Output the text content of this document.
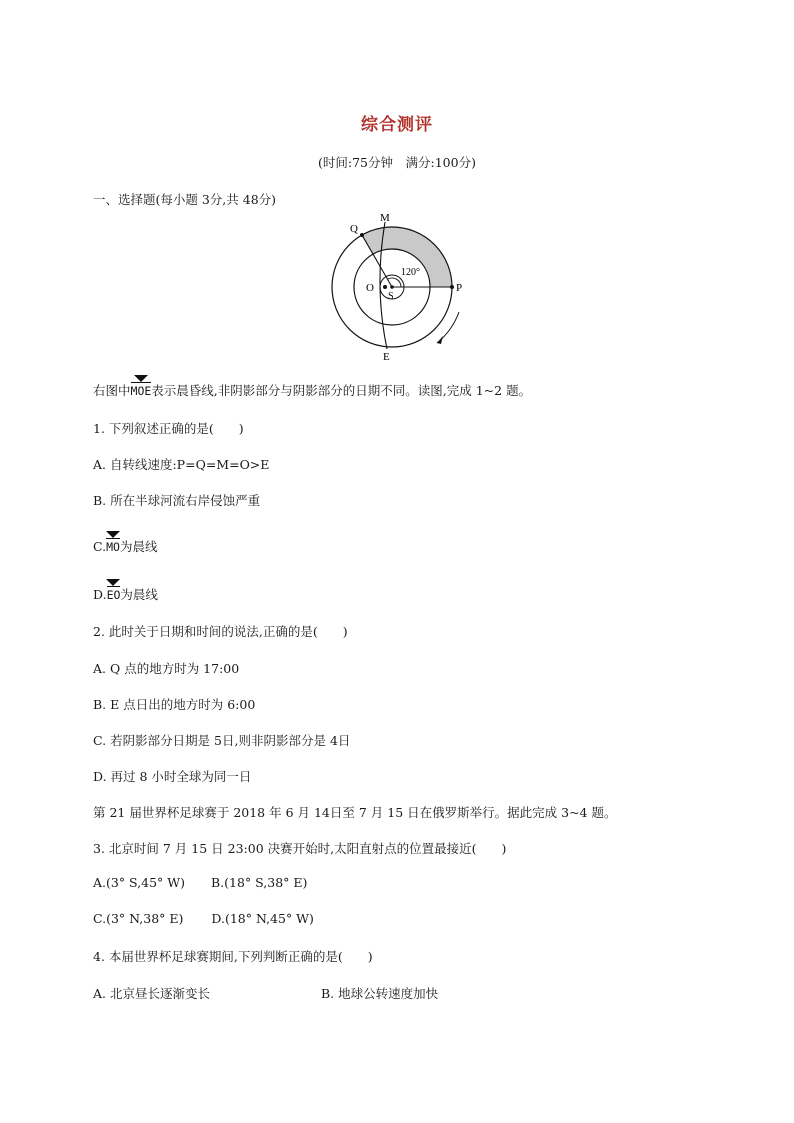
综合测评
(时间:75分钟　满分:100分)
一、选择题(每小题 3分,共 48分)
Q
M
O
S
P
E
120°
右图中
MOE表示晨昏线,非阴影部分与阴影部分的日期不同。读图,完成 1~2 题。
1. 下列叙述正确的是(　　)
A. 自转线速度:P=Q=M=O>E
B. 所在半球河流右岸侵蚀严重
C.
MO为晨线
D.
EO为晨线
2. 此时关于日期和时间的说法,正确的是(　　)
A. Q 点的地方时为 17:00
B. E 点日出的地方时为 6:00
C. 若阴影部分日期是 5日,则非阴影部分是 4日
D. 再过 8 小时全球为同一日
第 21 届世界杯足球赛于 2018 年 6 月 14日至 7 月 15 日在俄罗斯举行。据此完成 3~4 题。
3. 北京时间 7 月 15 日 23:00 决赛开始时,太阳直射点的位置最接近(　　)
A.(3° S,45° W) B.(18° S,38° E)
C.(3° N,38° E) D.(18° N,45° W)
4. 本届世界杯足球赛期间,下列判断正确的是(　　)
A. 北京昼长逐渐变长	B. 地球公转速度加快
